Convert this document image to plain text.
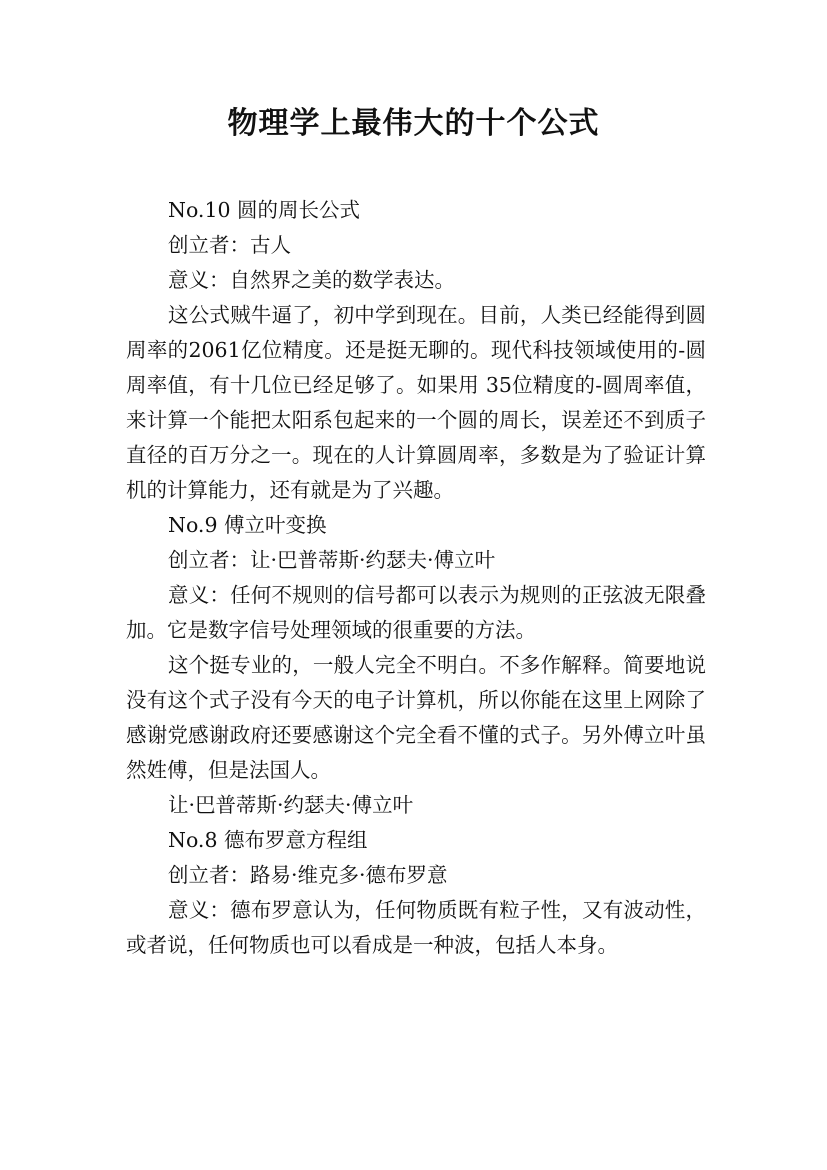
物理学上最伟大的十个公式

No.10 圆的周长公式

创立者：古人

意义：自然界之美的数学表达。

这公式贼牛逼了，初中学到现在。目前，人类已经能得到圆周率的2061亿位精度。还是挺无聊的。现代科技领域使用的-圆周率值，有十几位已经足够了。如果用 35位精度的-圆周率值，来计算一个能把太阳系包起来的一个圆的周长，误差还不到质子直径的百万分之一。现在的人计算圆周率，多数是为了验证计算机的计算能力，还有就是为了兴趣。

No.9 傅立叶变换

创立者：让·巴普蒂斯·约瑟夫·傅立叶

意义：任何不规则的信号都可以表示为规则的正弦波无限叠加。它是数字信号处理领域的很重要的方法。

这个挺专业的，一般人完全不明白。不多作解释。简要地说没有这个式子没有今天的电子计算机，所以你能在这里上网除了感谢党感谢政府还要感谢这个完全看不懂的式子。另外傅立叶虽然姓傅，但是法国人。

让·巴普蒂斯·约瑟夫·傅立叶

No.8 德布罗意方程组

创立者：路易·维克多·德布罗意

意义：德布罗意认为，任何物质既有粒子性，又有波动性，或者说，任何物质也可以看成是一种波，包括人本身。
